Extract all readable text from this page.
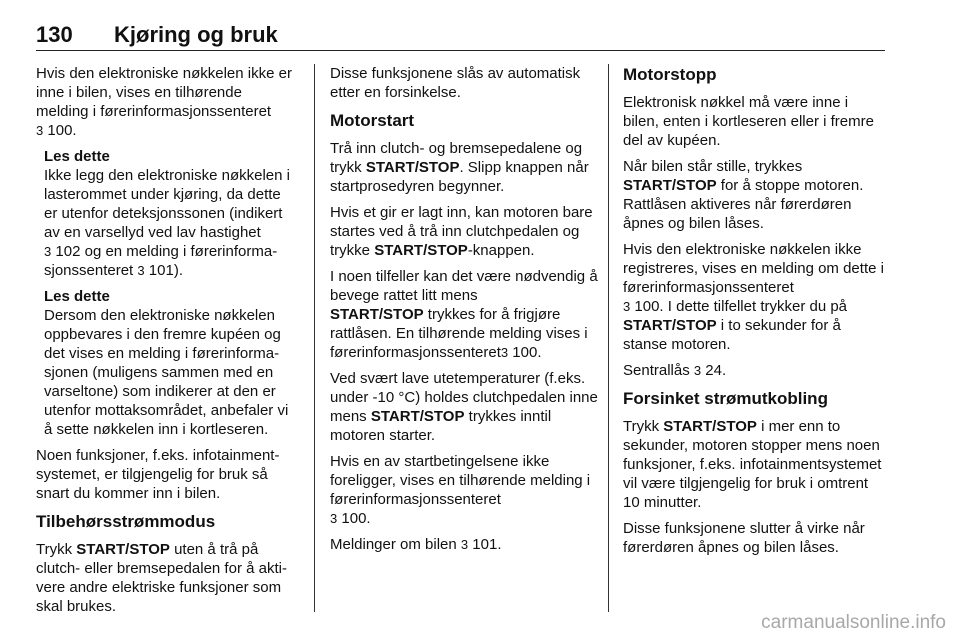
130 Kjøring og bruk

Hvis den elektroniske nøkkelen ikke er inne i bilen, vises en tilhørende melding i førerinformasjonssenteret
3 100.

Les dette
Ikke legg den elektroniske nøkkelen i lasterommet under kjøring, da dette er utenfor deteksjonssonen (indikert av en varsellyd ved lav hastighet
3 102 og en melding i førerinformasjonssenteret 3 101).
Les dette
Dersom den elektroniske nøkkelen oppbevares i den fremre kupéen og det vises en melding i førerinformasjonen (muligens sammen med en varseltone) som indikerer at den er utenfor mottaksområdet, anbefaler vi å sette nøkkelen inn i kortleseren.

Noen funksjoner, f.eks. infotainmentsystemet, er tilgjengelig for bruk så snart du kommer inn i bilen.

Tilbehørsstrømmodus

Trykk START/STOP uten å trå på clutch- eller bremsepedalen for å aktivere andre elektriske funksjoner som skal brukes.

Disse funksjonene slås av automatisk etter en forsinkelse.

Motorstart

Trå inn clutch- og bremsepedalene og trykk START/STOP. Slipp knappen når startprosedyren begynner.

Hvis et gir er lagt inn, kan motoren bare startes ved å trå inn clutchpedalen og trykke START/STOP-knappen.

I noen tilfeller kan det være nødvendig å bevege rattet litt mens
START/STOP trykkes for å frigjøre rattlåsen. En tilhørende melding vises i førerinformasjonssenteret3 100.

Ved svært lave utetemperaturer (f.eks. under -10 °C) holdes clutchpedalen inne mens START/STOP trykkes inntil motoren starter.

Hvis en av startbetingelsene ikke foreligger, vises en tilhørende melding i førerinformasjonssenteret
3 100.

Meldinger om bilen 3 101.

Motorstopp

Elektronisk nøkkel må være inne i bilen, enten i kortleseren eller i fremre del av kupéen.

Når bilen står stille, trykkes
START/STOP for å stoppe motoren. Rattlåsen aktiveres når førerdøren åpnes og bilen låses.

Hvis den elektroniske nøkkelen ikke registreres, vises en melding om dette i førerinformasjonssenteret
3 100. I dette tilfellet trykker du på
START/STOP i to sekunder for å stanse motoren.

Sentrallås 3 24.

Forsinket strømutkobling

Trykk START/STOP i mer enn to sekunder, motoren stopper mens noen funksjoner, f.eks. infotainmentsystemet vil være tilgjengelig for bruk i omtrent 10 minutter.

Disse funksjonene slutter å virke når førerdøren åpnes og bilen låses.

carmanualsonline.info
